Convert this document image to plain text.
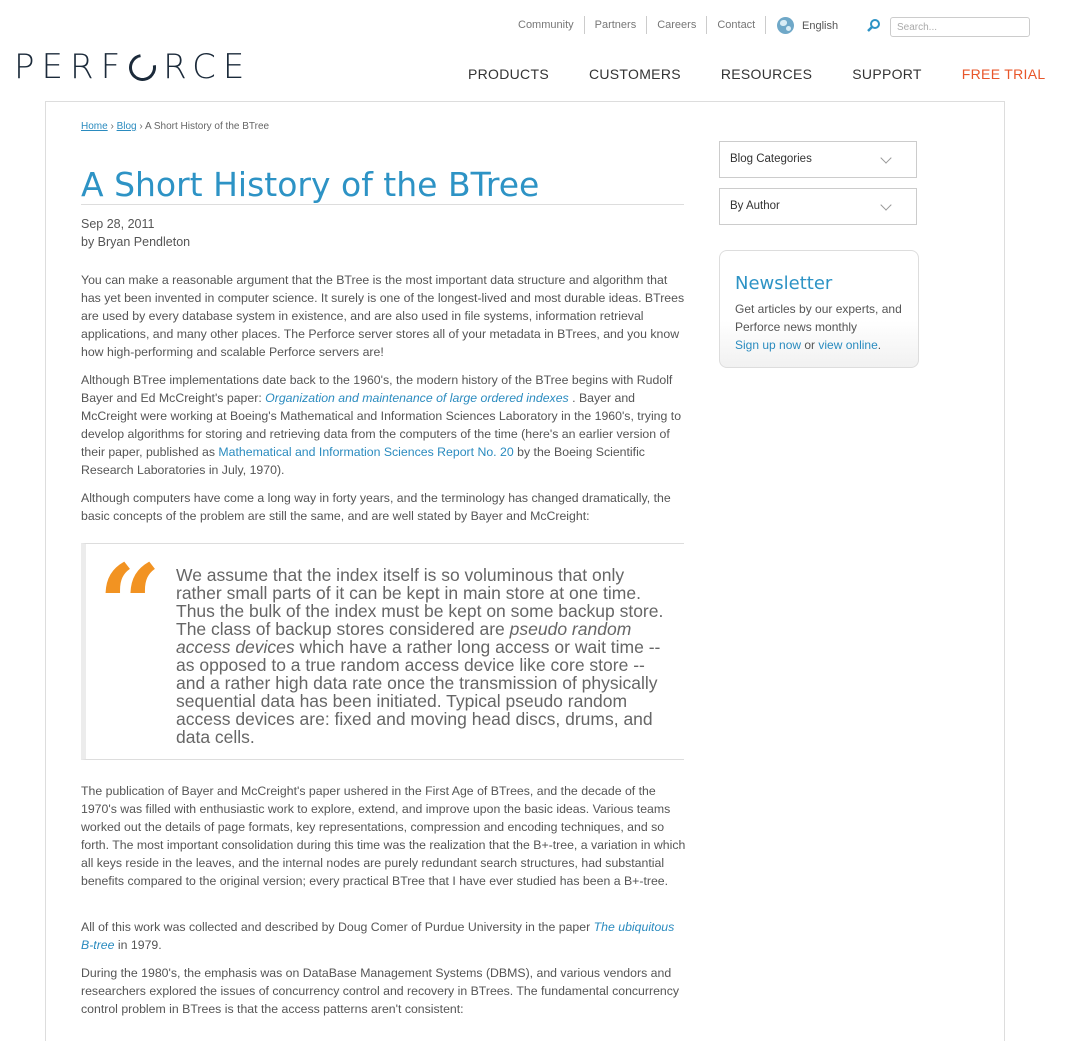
Community	Partners	Careers	Contact	English
Search...
PERF RCE	PRODUCTS	CUSTOMERS	RESOURCES	SUPPORT	FREE TRIAL
Home › Blog › A Short History of the BTree
A Short History of the BTree
Sep 28, 2011
by Bryan Pendleton

You can make a reasonable argument that the BTree is the most important data structure and algorithm that has yet been invented in computer science. It surely is one of the longest-lived and most durable ideas. BTrees are used by every database system in existence, and are also used in file systems, information retrieval applications, and many other places. The Perforce server stores all of your metadata in BTrees, and you know how high-performing and scalable Perforce servers are!

Although BTree implementations date back to the 1960's, the modern history of the BTree begins with Rudolf Bayer and Ed McCreight's paper: Organization and maintenance of large ordered indexes . Bayer and McCreight were working at Boeing's Mathematical and Information Sciences Laboratory in the 1960's, trying to develop algorithms for storing and retrieving data from the computers of the time (here's an earlier version of their paper, published as Mathematical and Information Sciences Report No. 20 by the Boeing Scientific Research Laboratories in July, 1970).

Although computers have come a long way in forty years, and the terminology has changed dramatically, the basic concepts of the problem are still the same, and are well stated by Bayer and McCreight:

“ We assume that the index itself is so voluminous that only rather small parts of it can be kept in main store at one time. Thus the bulk of the index must be kept on some backup store. The class of backup stores considered are pseudo random access devices which have a rather long access or wait time -- as opposed to a true random access device like core store -- and a rather high data rate once the transmission of physically sequential data has been initiated. Typical pseudo random access devices are: fixed and moving head discs, drums, and data cells.

The publication of Bayer and McCreight's paper ushered in the First Age of BTrees, and the decade of the 1970's was filled with enthusiastic work to explore, extend, and improve upon the basic ideas. Various teams worked out the details of page formats, key representations, compression and encoding techniques, and so forth. The most important consolidation during this time was the realization that the B+-tree, a variation in which all keys reside in the leaves, and the internal nodes are purely redundant search structures, had substantial benefits compared to the original version; every practical BTree that I have ever studied has been a B+-tree.

All of this work was collected and described by Doug Comer of Purdue University in the paper The ubiquitous B-tree in 1979.

During the 1980's, the emphasis was on DataBase Management Systems (DBMS), and various vendors and researchers explored the issues of concurrency control and recovery in BTrees. The fundamental concurrency control problem in BTrees is that the access patterns aren't consistent:

Blog Categories
By Author
Newsletter
Get articles by our experts, and Perforce news monthly
Sign up now or view online.
